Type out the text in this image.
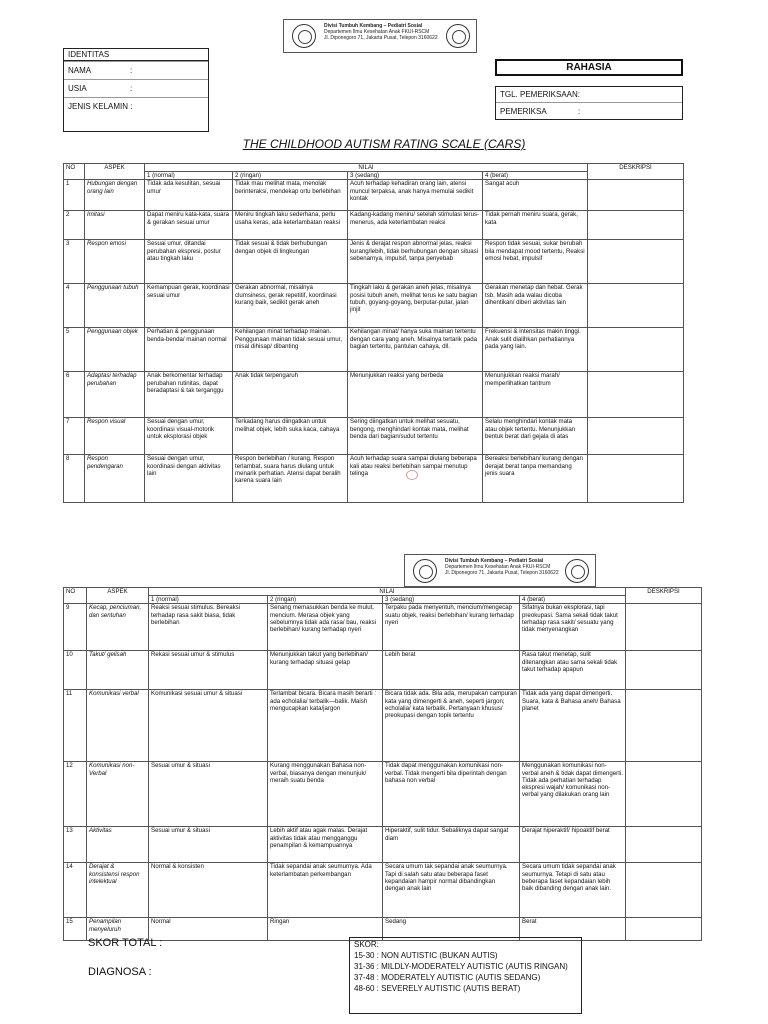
Divisi Tumbuh Kembang – Pediatri Sosial
Departemen Ilmu Kesehatan Anak FKUI-RSCM
Jl. Diponegoro 71, Jakarta Pusat, Telepon 3160622
IDENTITAS
NAMA	:
USIA	:
JENIS KELAMIN :
RAHASIA
TGL. PEMERIKSAAN:
PEMERIKSA	:
THE CHILDHOOD AUTISM RATING SCALE (CARS)
NO	ASPEK	NILAI				DESKRIPSI
		1 (normal)	2 (ringan)	3 (sedang)	4 (berat)	
1	Hubungan dengan orang lain	Tidak ada kesulitan, sesuai umur	Tidak mau melihat mata, menolak berinteraksi, mendekap ortu berlebihan	Acuh terhadap kehadiran orang lain, atensi muncul terpaksa, anak hanya memulai sedikit kontak	Sangat acuh	
2	Imitasi	Dapat meniru kata-kata, suara & gerakan sesuai umur	Meniru tingkah laku sederhana, perlu usaha keras, ada keterlambatan reaksi	Kadang-kadang meniru/ setelah stimulasi terus-menerus, ada keterlambatan reaksi	Tidak pernah meniru suara, gerak, kata	
3	Respon emosi	Sesuai umur, ditandai perubahan ekspresi, postur atau tingkah laku	Tidak sesuai & tidak berhubungan dengan objek di lingkungan	Jenis & derajat respon abnormal jelas, reaksi kurang/lebih, tidak berhubungan dengan situasi sebenarnya, impulsif, tanpa penyebab	Respon tidak sesuai, sukar berubah bila mendapat mood tertentu, Reaksi emosi hebat, impulsif	
4	Penggunaan tubuh	Kemampuan gerak, koordinasi sesuai umur	Gerakan abnormal, misalnya clumsiness, gerak repetitif, koordinasi kurang baik, sedikit gerak aneh	Tingkah laku & gerakan aneh jelas, misalnya posisi tubuh aneh, melihat terus ke satu bagian tubuh, goyang-goyang, berputar-putar, jalan jinjit	Gerakan menetap dan hebat. Gerak tsb. Masih ada walau dicoba dihentikan/ diberi aktivitas lain	
5	Penggunaan objek	Perhatian & penggunaan benda-benda/ mainan normal	Kehilangan minat terhadap mainan. Penggunaan mainan tidak sesuai umur, misal dihisap/ dibanting	Kehilangan minat/ hanya suka mainan tertentu dengan cara yang aneh. Misalnya tertarik pada bagian tertentu, pantulan cahaya, dll.	Frekuensi & intensitas makin tinggi. Anak sulit dialihkan perhatiannya pada yang lain.	
6	Adaptasi terhadap perubahan	Anak berkomentar terhadap perubahan rutinitas, dapat beradaptasi & tak terganggu	Anak tidak terpengaruh	Menunjukkan reaksi yang berbeda	Menunjukkan reaksi marah/ memperlihatkan tantrum	
7	Respon visual	Sesuai dengan umur, koordinasi visual-motorik untuk eksplorasi objek	Terkadang harus diingatkan untuk melihat objek, lebih suka kaca, cahaya	Sering diingatkan untuk melihat sesuatu, bengong, menghindari kontak mata, melihat benda dari bagian/sudut tertentu	Selalu menghindari kontak mata atau objek tertentu. Menunjukkan bentuk berat dari gejala di atas	
8	Respon pendengaran	Sesuai dengan umur, koordinasi dengan aktivitas lain	Respon berlebihan / kurang. Respon terlambat, suara harus diulang untuk menarik perhatian. Atensi dapat beralih karena suara lain	Acuh terhadap suara sampai diulang beberapa kali atau reaksi berlebihan sampai menutup telinga	Bereaksi berlebihan/ kurang dengan derajat berat tanpa memandang jenis suara	
Divisi Tumbuh Kembang – Pediatri Sosial
Departemen Ilmu Kesehatan Anak FKUI-RSCM
Jl. Diponegoro 71, Jakarta Pusat, Telepon 3160622
NO	ASPEK	NILAI				DESKRIPSI
		1 (normal)	2 (ringan)	3 (sedang)	4 (berat)	
9	Kecap, penciuman, dan sentuhan	Reaksi sesuai stimulus. Bereaksi terhadap rasa sakit biasa, tidak berlebihan	Senang memasukkan benda ke mulut, mencium. Merasa objek yang sebelumnya tidak ada rasa/ bau, reaksi berlebihan/ kurang terhadap nyeri	Terpaku pada menyentuh, mencium/mengecap suatu objek, reaksi berlebihan/ kurang terhadap nyeri	Sifatnya bukan eksplorasi, tapi preokupasi. Sama sekali tidak takut terhadap rasa sakit/ sesuatu yang tidak menyenangkan	
10	Takut/ gelisah	Rekasi sesuai umur & stimulus	Menunjukkan takut yang berlebihan/ kurang terhadap situasi gelap	Lebih berat	Rasa takut menetap, sulit ditenangkan atau sama sekali tidak takut terhadap apapun	
11	Komunikasi verbal	Komunikasi sesuai umur & situasi	Terlambat bicara. Bicara masih berarti : ada echolalia/ terbalik—balik. Maish mengucapkan kata/jargon	Bicara tidak ada. Bila ada, merupakan campuran kata yang dimengerti & aneh, seperti jargon; echolalia/ kata terbalik. Pertanyaan khusus/ preokupasi dengan topik tertentu	Tidak ada yang dapat dimengerti. Suara, kata & Bahasa aneh/ Bahasa planet	
12	Komunikasi non-Verbal	Sesuai umur & situasi	Kurang menggunakan Bahasa non-verbal, biasanya dengan menunjuk/ meraih suatu benda	Tidak dapat menggunakan komunikasi non-verbal. Tidak mengerti bila diperintah dengan bahasa non verbal	Menggunakan komunikasi non-verbal aneh & tidak dapat dimengerti. Tidak ada perhatian terhadap ekspresi wajah/ komunikasi non-verbal yang dilakukan orang lain	
13	Aktivitas	Sesuai umur & situasi	Lebih aktif atau agak malas. Derajat aktivitas tidak atau mengganggu penampilan & kemampuannya	Hiperaktif, sulit tidur. Sebaliknya dapat sangat diam	Derajat hiperaktif/ hipoaktif berat	
14	Derajat & konsistensi respon intelektual	Normal & konsisten	Tidak sepandai anak seumurnya. Ada keterlambatan perkembangan	Secara umum tak sepandai anak seumurnya. Tapi di salah satu atau beberapa faset kepandaian hampir normal dibandingkan dengan anak lain	Secara umum tidak sepandai anak seumurnya. Tetapi di satu atau beberapa faset kepandaian lebih baik dibanding dengan anak lain.	
15	Penampilan menyeluruh	Normal	Ringan	Sedang	Berat	
SKOR TOTAL :
DIAGNOSA :
SKOR:
15-30 : NON AUTISTIC (BUKAN AUTIS)
31-36 : MILDLY-MODERATELY AUTISTIC (AUTIS RINGAN)
37-48 : MODERATELY AUTISTIC (AUTIS SEDANG)
48-60 : SEVERELY AUTISTIC (AUTIS BERAT)
